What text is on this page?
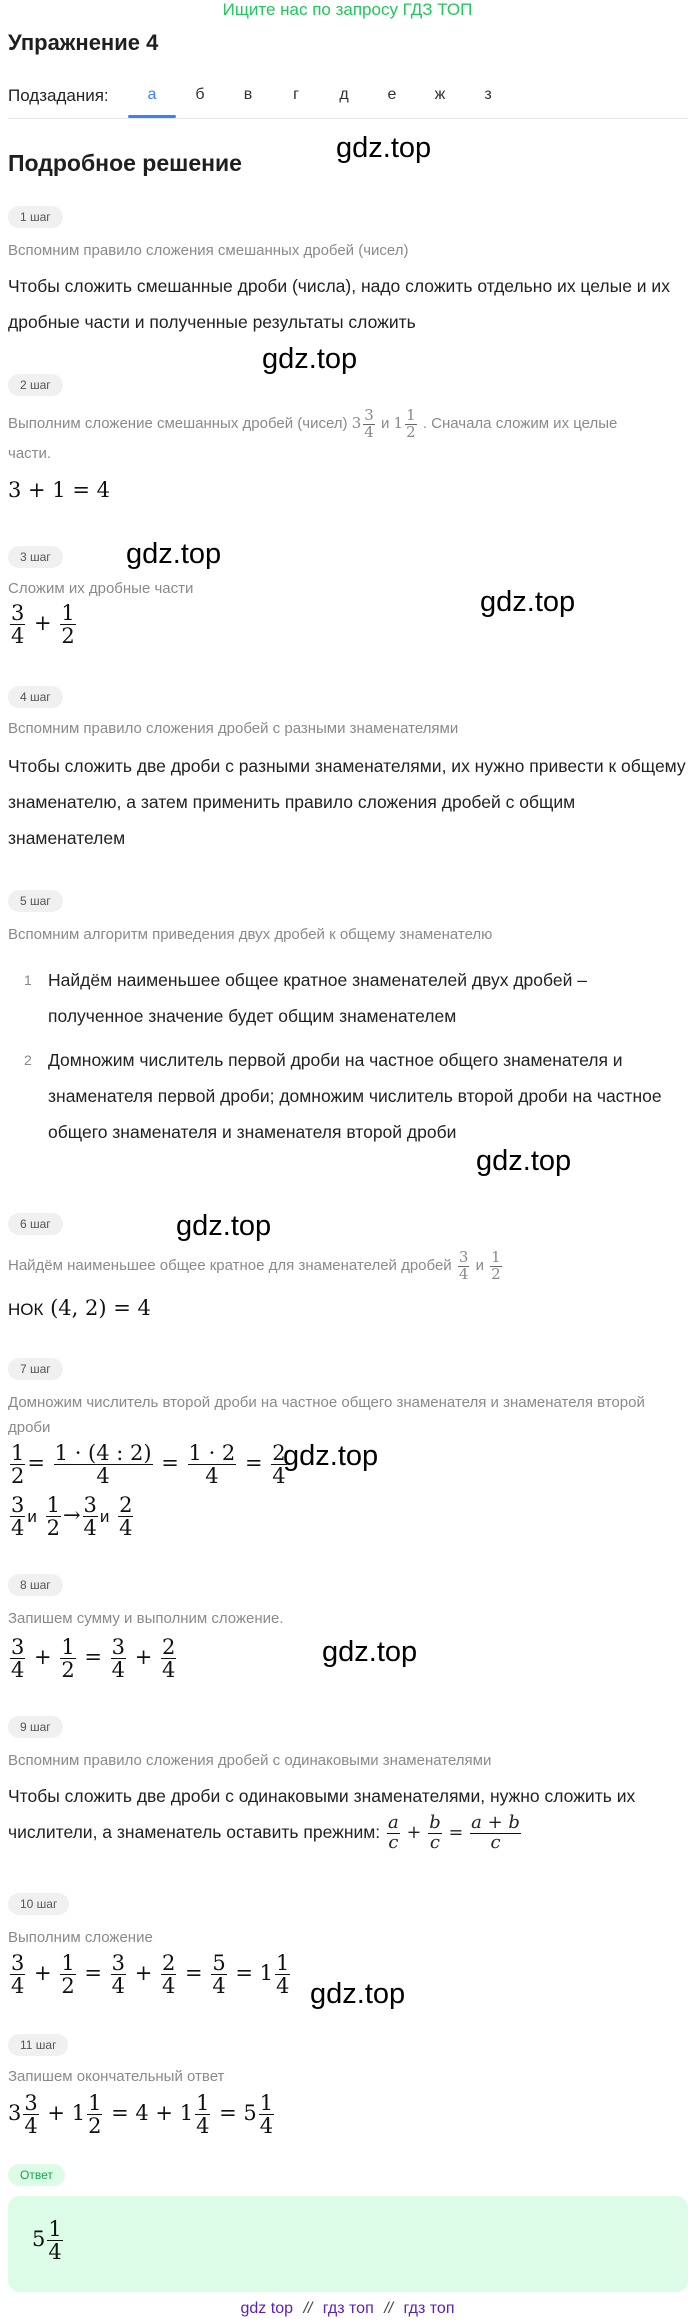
Ищите нас по запросу ГДЗ ТОП
Упражнение 4
Подзадания:	а	б	в	г	д	е	ж	з
Подробное решение	gdz.top
gdz.top
gdz.top
gdz.top
gdz.top
gdz.top
gdz.top
gdz.top
gdz.top
1 шаг
Вспомним правило сложения смешанных дробей (чисел)
Чтобы сложить смешанные дроби (числа), надо сложить отдельно их целые и их дробные части и полученные результаты сложить
2 шаг
Выполним сложение смешанных дробей (чисел) $3 \frac{3}{4}$ и $1 \frac{1}{2}$ . Сначала сложим их целые
части.
3 + 1 = 4
3 шаг
Сложим их дробные части
$\frac{3}{4} + \frac{1}{2}$
4 шаг
Вспомним правило сложения дробей с разными знаменателями
Чтобы сложить две дроби с разными знаменателями, их нужно привести к общему знаменателю, а затем применить правило сложения дробей с общим знаменателем
5 шаг
Вспомним алгоритм приведения двух дробей к общему знаменателю
1 Найдём наименьшее общее кратное знаменателей двух дробей – полученное значение будет общим знаменателем
2 Домножим числитель первой дроби на частное общего знаменателя и знаменателя первой дроби; домножим числитель второй дроби на частное общего знаменателя и знаменателя второй дроби
6 шаг
Найдём наименьшее общее кратное для знаменателей дробей $\frac{3}{4}$ и $\frac{1}{2}$
НОК (4, 2) = 4
7 шаг
Домножим числитель второй дроби на частное общего знаменателя и знаменателя второй дроби
$\frac{1}{2} = \frac{1 \cdot (4 : 2)}{4} = \frac{1 \cdot 2}{4} = \frac{2}{4}$
$\frac{3}{4}$ и $\frac{1}{2} \to \frac{3}{4}$ и $\frac{2}{4}$
8 шаг
Запишем сумму и выполним сложение.
$\frac{3}{4} + \frac{1}{2} = \frac{3}{4} + \frac{2}{4}$
9 шаг
Вспомним правило сложения дробей с одинаковыми знаменателями
Чтобы сложить две дроби с одинаковыми знаменателями, нужно сложить их числители, а знаменатель оставить прежним: $\frac{a}{c} + \frac{b}{c} = \frac{a + b}{c}$
10 шаг
Выполним сложение
$\frac{3}{4} + \frac{1}{2} = \frac{3}{4} + \frac{2}{4} = \frac{5}{4} = 1 \frac{1}{4}$
11 шаг
Запишем окончательный ответ
$3 \frac{3}{4} + 1 \frac{1}{2} = 4 + 1 \frac{1}{4} = 5 \frac{1}{4}$
Ответ
$5 \frac{1}{4}$
gdz top // гдз топ // гдз топ
